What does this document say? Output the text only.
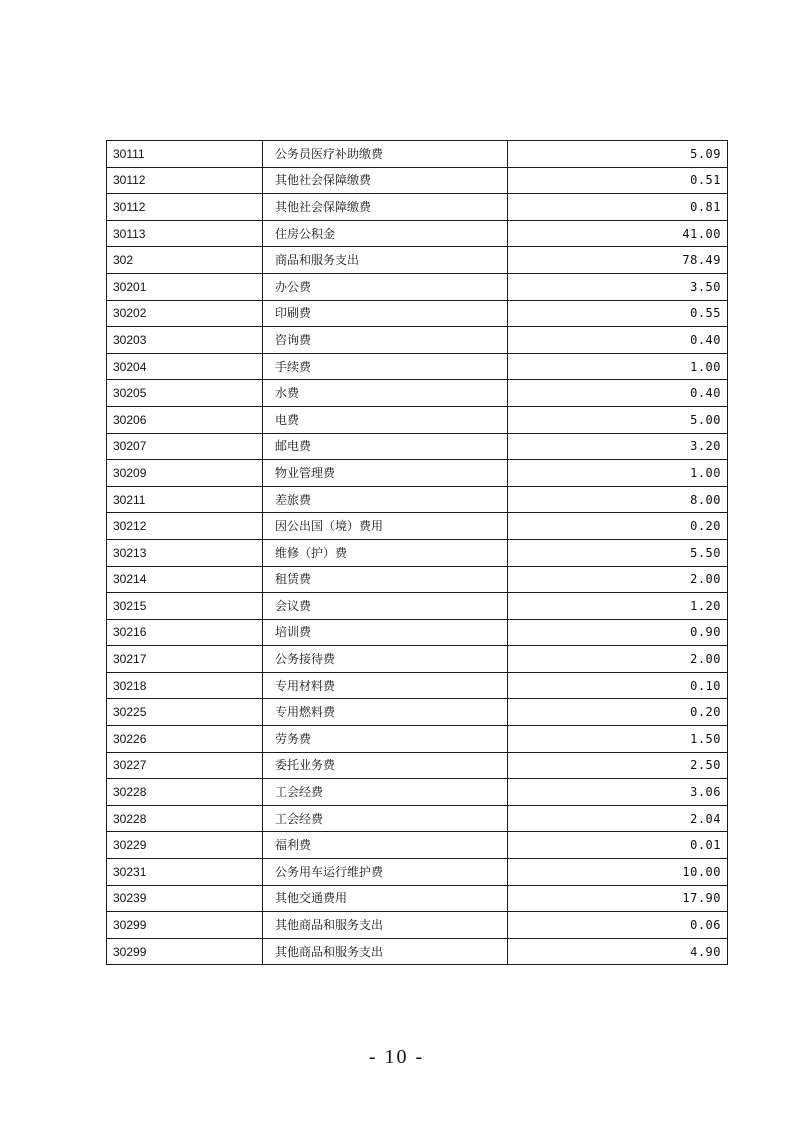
30111	公务员医疗补助缴费	5.09
30112	其他社会保障缴费	0.51
30112	其他社会保障缴费	0.81
30113	住房公积金	41.00
302	商品和服务支出	78.49
30201	办公费	3.50
30202	印刷费	0.55
30203	咨询费	0.40
30204	手续费	1.00
30205	水费	0.40
30206	电费	5.00
30207	邮电费	3.20
30209	物业管理费	1.00
30211	差旅费	8.00
30212	因公出国（境）费用	0.20
30213	维修（护）费	5.50
30214	租赁费	2.00
30215	会议费	1.20
30216	培训费	0.90
30217	公务接待费	2.00
30218	专用材料费	0.10
30225	专用燃料费	0.20
30226	劳务费	1.50
30227	委托业务费	2.50
30228	工会经费	3.06
30228	工会经费	2.04
30229	福利费	0.01
30231	公务用车运行维护费	10.00
30239	其他交通费用	17.90
30299	其他商品和服务支出	0.06
30299	其他商品和服务支出	4.90
- 10 -
